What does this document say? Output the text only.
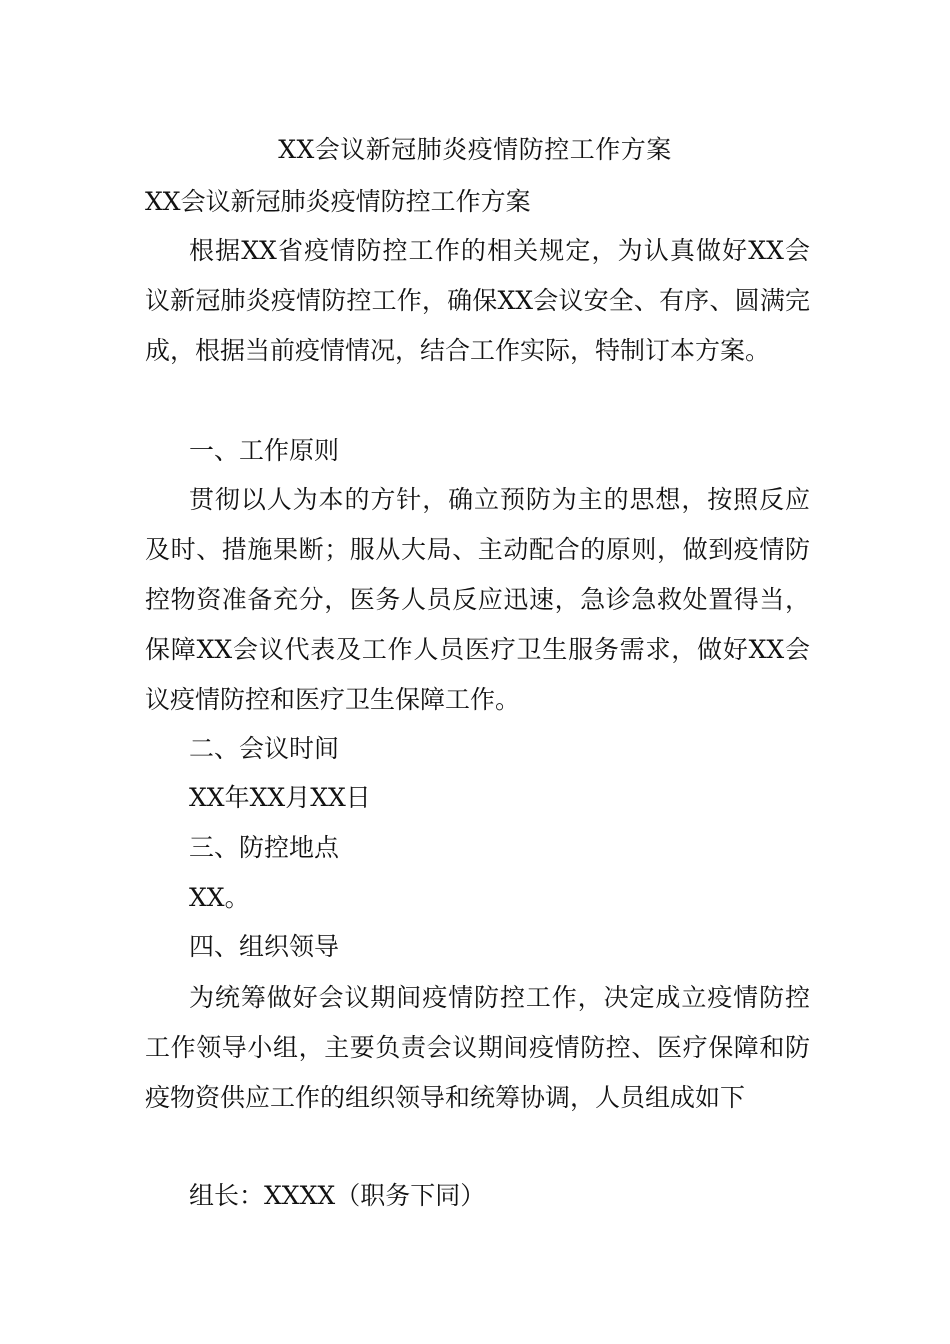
XX会议新冠肺炎疫情防控工作方案
XX会议新冠肺炎疫情防控工作方案
根据XX省疫情防控工作的相关规定，为认真做好XX会议新冠肺炎疫情防控工作，确保XX会议安全、有序、圆满完成，根据当前疫情情况，结合工作实际，特制订本方案。
一、工作原则
贯彻以人为本的方针，确立预防为主的思想，按照反应及时、措施果断；服从大局、主动配合的原则，做到疫情防控物资准备充分，医务人员反应迅速，急诊急救处置得当，保障XX会议代表及工作人员医疗卫生服务需求，做好XX会议疫情防控和医疗卫生保障工作。
二、会议时间
XX年XX月XX日
三、防控地点
XX。
四、组织领导
为统筹做好会议期间疫情防控工作，决定成立疫情防控工作领导小组，主要负责会议期间疫情防控、医疗保障和防疫物资供应工作的组织领导和统筹协调，人员组成如下
组长：XXXX（职务下同）
